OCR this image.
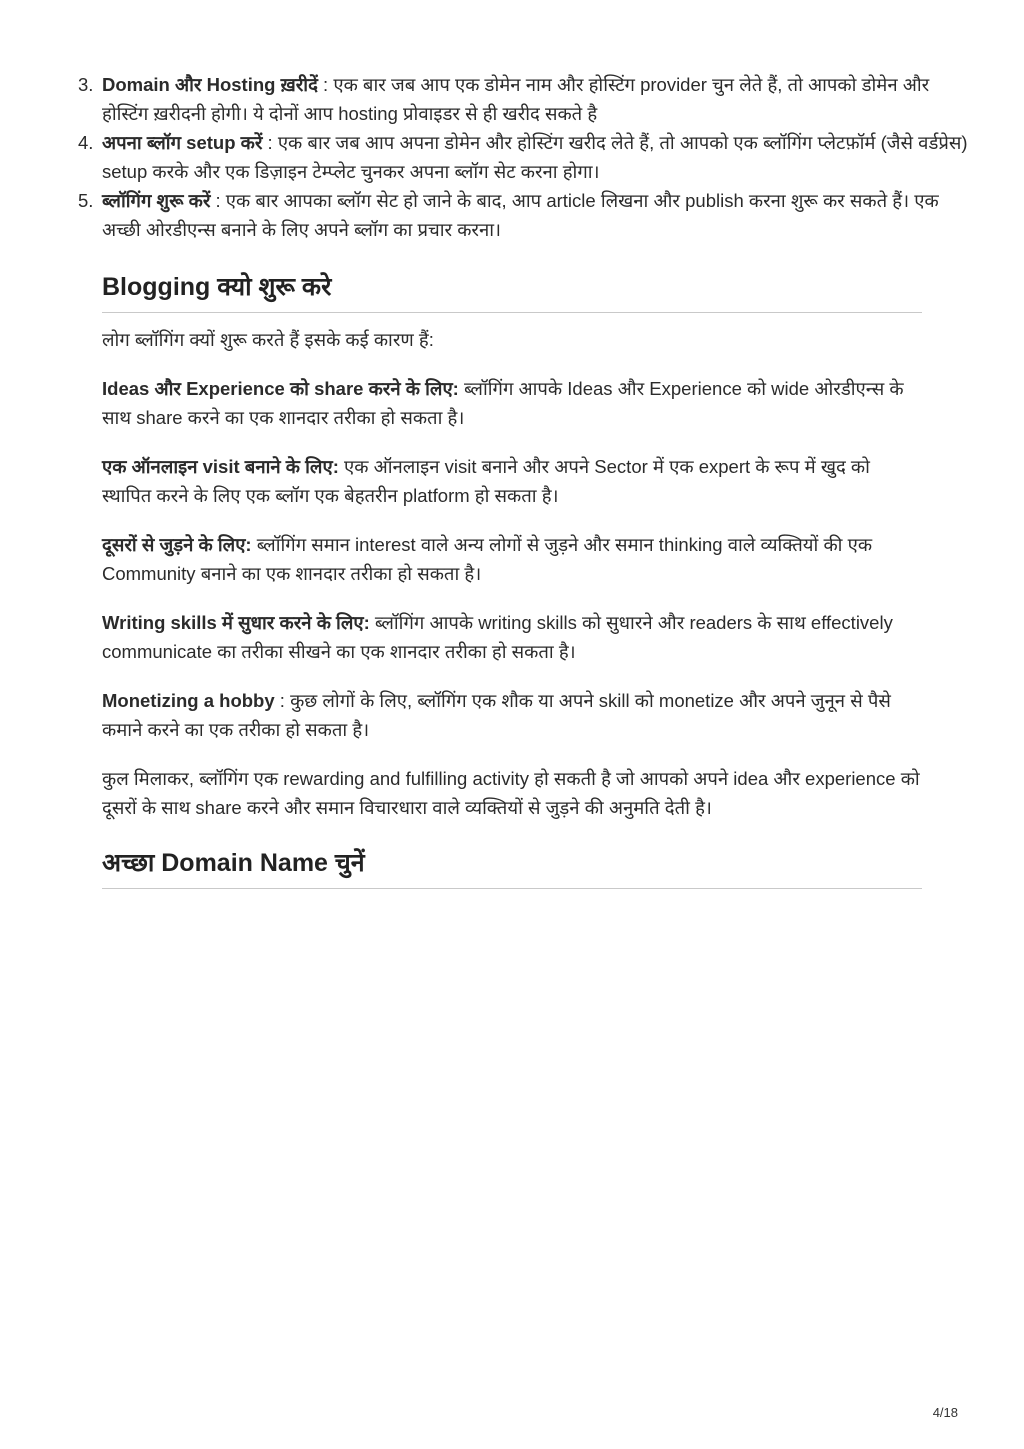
3. Domain और Hosting ख़रीदें : एक बार जब आप एक डोमेन नाम और होस्टिंग provider चुन लेते हैं, तो आपको डोमेन और होस्टिंग ख़रीदनी होगी। ये दोनों आप hosting प्रोवाइडर से ही खरीद सकते है
4. अपना ब्लॉग setup करें : एक बार जब आप अपना डोमेन और होस्टिंग खरीद लेते हैं, तो आपको एक ब्लॉगिंग प्लेटफ़ॉर्म (जैसे वर्डप्रेस) setup करके और एक डिज़ाइन टेम्प्लेट चुनकर अपना ब्लॉग सेट करना होगा।
5. ब्लॉगिंग शुरू करें : एक बार आपका ब्लॉग सेट हो जाने के बाद, आप article लिखना और publish करना शुरू कर सकते हैं। एक अच्छी ओरडीएन्स बनाने के लिए अपने ब्लॉग का प्रचार करना।
Blogging क्यो शुरू करे

लोग ब्लॉगिंग क्यों शुरू करते हैं इसके कई कारण हैं:

Ideas और Experience को share करने के लिए: ब्लॉगिंग आपके Ideas और Experience को wide ओरडीएन्स के साथ share करने का एक शानदार तरीका हो सकता है।

एक ऑनलाइन visit बनाने के लिए: एक ऑनलाइन visit बनाने और अपने Sector में एक expert के रूप में खुद को स्थापित करने के लिए एक ब्लॉग एक बेहतरीन platform हो सकता है।

दूसरों से जुड़ने के लिए: ब्लॉगिंग समान interest वाले अन्य लोगों से जुड़ने और समान thinking वाले व्यक्तियों की एक Community बनाने का एक शानदार तरीका हो सकता है।

Writing skills में सुधार करने के लिए: ब्लॉगिंग आपके writing skills को सुधारने और readers के साथ effectively communicate का तरीका सीखने का एक शानदार तरीका हो सकता है।

Monetizing a hobby : कुछ लोगों के लिए, ब्लॉगिंग एक शौक या अपने skill को monetize और अपने जुनून से पैसे कमाने करने का एक तरीका हो सकता है।

कुल मिलाकर, ब्लॉगिंग एक rewarding and fulfilling activity हो सकती है जो आपको अपने idea और experience को दूसरों के साथ share करने और समान विचारधारा वाले व्यक्तियों से जुड़ने की अनुमति देती है।

अच्छा Domain Name चुनें
4/18
